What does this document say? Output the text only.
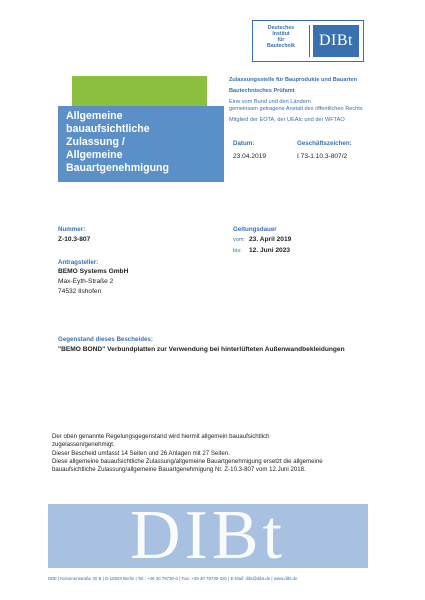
Deutsches
Institut
für
Bautechnik	DIBt
Zulassungsstelle für Bauprodukte und Bauarten
Bautechnisches Prüfamt
Eine vom Bund und den Ländern
gemeinsam getragene Anstalt des öffentlichen Rechts
Mitglied der EOTA, der UEAtc und der WFTAO
Allgemeine
bauaufsichtliche
Zulassung /
Allgemeine
Bauartgenehmigung
Datum:
23.04.2019
Geschäftszeichen:
I 73-1.10.3-807/2
Nummer:
Z-10.3-807
Geltungsdauer
vom: 23. April 2019
bis: 12. Juni 2023
Antragsteller:
BEMO Systems GmbH
Max-Eyth-Straße 2
74532 Ilshofen
Gegenstand dieses Bescheides:
"BEMO BOND" Verbundplatten zur Verwendung bei hinterlüfteten Außenwandbekleidungen
Der oben genannte Regelungsgegenstand wird hiermit allgemein bauaufsichtlich
zugelassen/genehmigt.
Dieser Bescheid umfasst 14 Seiten und 26 Anlagen mit 27 Seiten.
Diese allgemeine bauaufsichtliche Zulassung/allgemeine Bauartgenehmigung ersetzt die allgemeine
bauaufsichtliche Zulassung/allgemeine Bauartgenehmigung Nr. Z-10.3-807 vom 12.Juni 2018.
DIBt
DIBt | Kolonnenstraße 30 B | D-10829 Berlin | Tel.: +49 30 78730-0 | Fax: +49 30 78730-320 | E-Mail: dibt@dibt.de | www.dibt.de
